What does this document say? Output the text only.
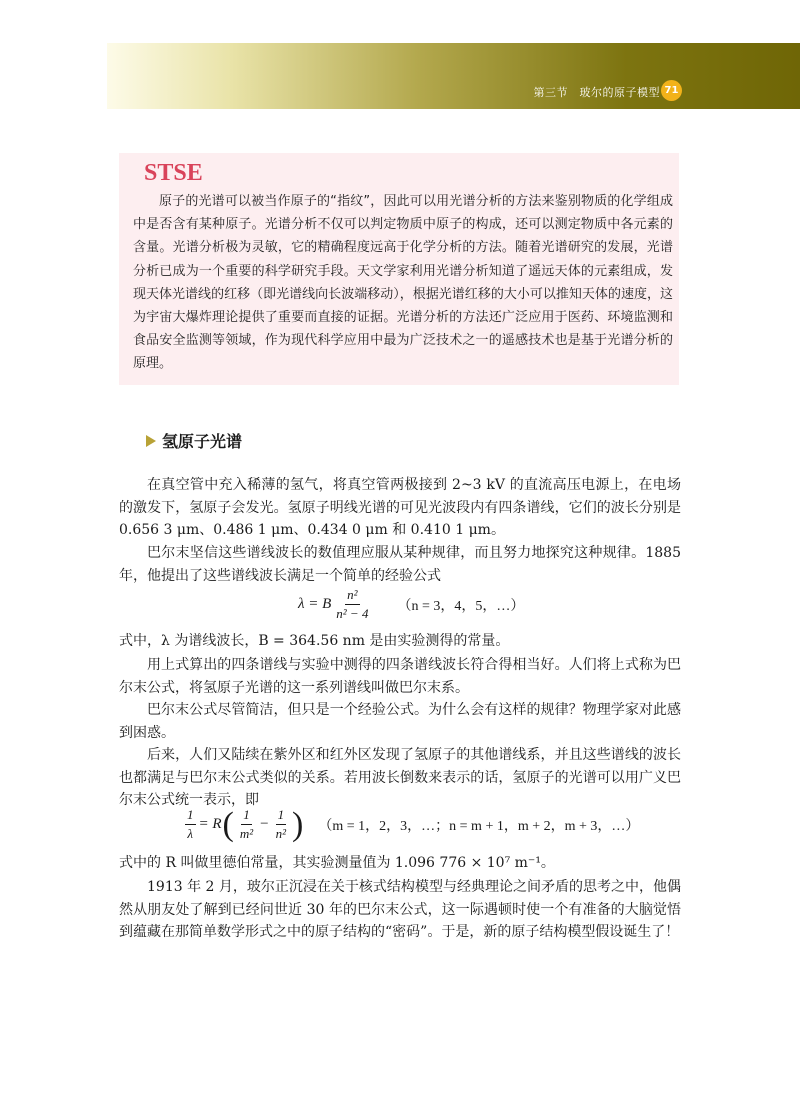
第三节　玻尔的原子模型 71
STSE

原子的光谱可以被当作原子的“指纹”，因此可以用光谱分析的方法来鉴别物质的化学组成中是否含有某种原子。光谱分析不仅可以判定物质中原子的构成，还可以测定物质中各元素的含量。光谱分析极为灵敏，它的精确程度远高于化学分析的方法。随着光谱研究的发展，光谱分析已成为一个重要的科学研究手段。天文学家利用光谱分析知道了遥远天体的元素组成，发现天体光谱线的红移（即光谱线向长波端移动），根据光谱红移的大小可以推知天体的速度，这为宇宙大爆炸理论提供了重要而直接的证据。光谱分析的方法还广泛应用于医药、环境监测和食品安全监测等领域，作为现代科学应用中最为广泛技术之一的遥感技术也是基于光谱分析的原理。

氢原子光谱

在真空管中充入稀薄的氢气，将真空管两极接到 2~3 kV 的直流高压电源上，在电场的激发下，氢原子会发光。氢原子明线光谱的可见光波段内有四条谱线，它们的波长分别是 0.656 3 μm、0.486 1 μm、0.434 0 μm 和 0.410 1 μm。

巴尔末坚信这些谱线波长的数值理应服从某种规律，而且努力地探究这种规律。1885 年，他提出了这些谱线波长满足一个简单的经验公式

λ = B $\frac{\text{n²}}{\text{n² − 4}} (n = 3$，4，5，…）

式中，λ 为谱线波长，B = 364.56 nm 是由实验测得的常量。

用上式算出的四条谱线与实验中测得的四条谱线波长符合得相当好。人们将上式称为巴尔末公式，将氢原子光谱的这一系列谱线叫做巴尔末系。

巴尔末公式尽管简洁，但只是一个经验公式。为什么会有这样的规律？物理学家对此感到困惑。

后来，人们又陆续在紫外区和红外区发现了氢原子的其他谱线系，并且这些谱线的波长也都满足与巴尔末公式类似的关系。若用波长倒数来表示的话，氢原子的光谱可以用广义巴尔末公式统一表示，即

$\frac{1}{\lambda} = R$ ( $\frac{1}{\text{m²}} - \frac{1}{\text{n²}}$ ) （m = 1，2，3，…；n = m + 1，m + 2，m + 3，…）

式中的 R 叫做里德伯常量，其实验测量值为 1.096 776 × 10⁷ m⁻¹。

1913 年 2 月，玻尔正沉浸在关于核式结构模型与经典理论之间矛盾的思考之中，他偶然从朋友处了解到已经问世近 30 年的巴尔末公式，这一际遇顿时使一个有准备的大脑觉悟到蕴藏在那简单数学形式之中的原子结构的“密码”。于是，新的原子结构模型假设诞生了！
